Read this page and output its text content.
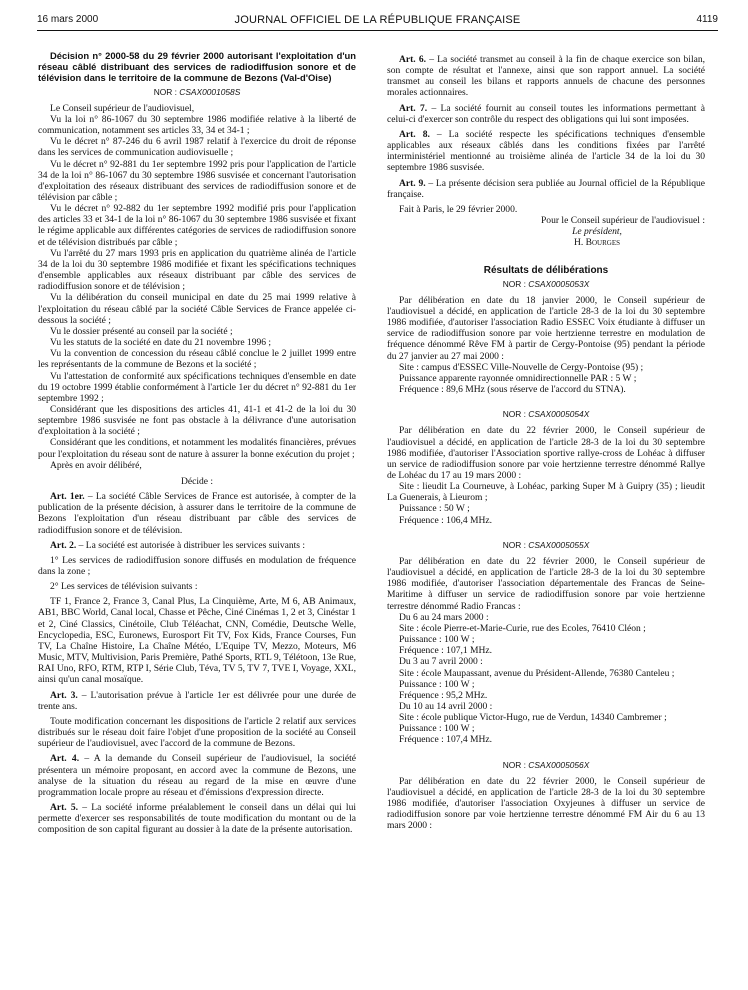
16 mars 2000	JOURNAL OFFICIEL DE LA RÉPUBLIQUE FRANÇAISE	4119

Décision n° 2000-58 du 29 février 2000 autorisant l'exploitation d'un réseau câblé distribuant des services de radiodiffusion sonore et de télévision dans le territoire de la commune de Bezons (Val-d'Oise)

NOR : CSAX0001058S

Le Conseil supérieur de l'audiovisuel,

Vu la loi n° 86-1067 du 30 septembre 1986 modifiée relative à la liberté de communication, notamment ses articles 33, 34 et 34-1 ;

Vu le décret n° 87-246 du 6 avril 1987 relatif à l'exercice du droit de réponse dans les services de communication audiovisuelle ;

Vu le décret n° 92-881 du 1er septembre 1992 pris pour l'application de l'article 34 de la loi n° 86-1067 du 30 septembre 1986 susvisée et concernant l'autorisation d'exploitation des réseaux distribuant des services de radiodiffusion sonore et de télévision par câble ;

Vu le décret n° 92-882 du 1er septembre 1992 modifié pris pour l'application des articles 33 et 34-1 de la loi n° 86-1067 du 30 septembre 1986 susvisée et fixant le régime applicable aux différentes catégories de services de radiodiffusion sonore et de télévision distribués par câble ;

Vu l'arrêté du 27 mars 1993 pris en application du quatrième alinéa de l'article 34 de la loi du 30 septembre 1986 modifiée et fixant les spécifications techniques d'ensemble applicables aux réseaux distribuant par câble des services de radiodiffusion sonore et de télévision ;

Vu la délibération du conseil municipal en date du 25 mai 1999 relative à l'exploitation du réseau câblé par la société Câble Services de France appelée ci-dessous la société ;

Vu le dossier présenté au conseil par la société ;

Vu les statuts de la société en date du 21 novembre 1996 ;

Vu la convention de concession du réseau câblé conclue le 2 juillet 1999 entre les représentants de la commune de Bezons et la société ;

Vu l'attestation de conformité aux spécifications techniques d'ensemble en date du 19 octobre 1999 établie conformément à l'article 1er du décret n° 92-881 du 1er septembre 1992 ;

Considérant que les dispositions des articles 41, 41-1 et 41-2 de la loi du 30 septembre 1986 susvisée ne font pas obstacle à la délivrance d'une autorisation d'exploitation à la société ;

Considérant que les conditions, et notamment les modalités financières, prévues pour l'exploitation du réseau sont de nature à assurer la bonne exécution du projet ;

Après en avoir délibéré,

Décide :

Art. 1er. – La société Câble Services de France est autorisée, à compter de la publication de la présente décision, à assurer dans le territoire de la commune de Bezons l'exploitation d'un réseau distribuant par câble des services de radiodiffusion sonore et de télévision.

Art. 2. – La société est autorisée à distribuer les services suivants :

1° Les services de radiodiffusion sonore diffusés en modulation de fréquence dans la zone ;

2° Les services de télévision suivants :

TF 1, France 2, France 3, Canal Plus, La Cinquième, Arte, M 6, AB Animaux, AB1, BBC World, Canal local, Chasse et Pêche, Ciné Cinémas 1, 2 et 3, Cinéstar 1 et 2, Ciné Classics, Cinétoile, Club Téléachat, CNN, Comédie, Deutsche Welle, Encyclopedia, ESC, Euronews, Eurosport Fit TV, Fox Kids, France Courses, Fun TV, La Chaîne Histoire, La Chaîne Météo, L'Equipe TV, Mezzo, Moteurs, M6 Music, MTV, Multivision, Paris Première, Pathé Sports, RTL 9, Télétoon, 13e Rue, RAI Uno, RFO, RTM, RTP I, Série Club, Téva, TV 5, TV 7, TVE I, Voyage, XXL, ainsi qu'un canal mosaïque.

Art. 3. – L'autorisation prévue à l'article 1er est délivrée pour une durée de trente ans.

Toute modification concernant les dispositions de l'article 2 relatif aux services distribués sur le réseau doit faire l'objet d'une proposition de la société au Conseil supérieur de l'audiovisuel, avec l'accord de la commune de Bezons.

Art. 4. – A la demande du Conseil supérieur de l'audiovisuel, la société présentera un mémoire proposant, en accord avec la commune de Bezons, une analyse de la situation du réseau au regard de la mise en œuvre d'une programmation locale propre au réseau et d'émissions d'expression directe.

Art. 5. – La société informe préalablement le conseil dans un délai qui lui permette d'exercer ses responsabilités de toute modification du montant ou de la composition de son capital figurant au dossier à la date de la présente autorisation.

Art. 6. – La société transmet au conseil à la fin de chaque exercice son bilan, son compte de résultat et l'annexe, ainsi que son rapport annuel. La société transmet au conseil les bilans et rapports annuels de chacune des personnes morales actionnaires.

Art. 7. – La société fournit au conseil toutes les informations permettant à celui-ci d'exercer son contrôle du respect des obligations qui lui sont imposées.

Art. 8. – La société respecte les spécifications techniques d'ensemble applicables aux réseaux câblés dans les conditions fixées par l'arrêté interministériel mentionné au troisième alinéa de l'article 34 de la loi du 30 septembre 1986 susvisée.

Art. 9. – La présente décision sera publiée au Journal officiel de la République française.

Fait à Paris, le 29 février 2000.

Pour le Conseil supérieur de l'audiovisuel :

Le président,

H. Bourges

Résultats de délibérations

NOR : CSAX0005053X

Par délibération en date du 18 janvier 2000, le Conseil supérieur de l'audiovisuel a décidé, en application de l'article 28-3 de la loi du 30 septembre 1986 modifiée, d'autoriser l'association Radio ESSEC Voix étudiante à diffuser un service de radiodiffusion sonore par voie hertzienne terrestre en modulation de fréquence dénommé Rêve FM à partir de Cergy-Pontoise (95) pendant la période du 27 janvier au 27 mai 2000 :

Site : campus d'ESSEC Ville-Nouvelle de Cergy-Pontoise (95) ;

Puissance apparente rayonnée omnidirectionnelle PAR : 5 W ;

Fréquence : 89,6 MHz (sous réserve de l'accord du STNA).

NOR : CSAX0005054X

Par délibération en date du 22 février 2000, le Conseil supérieur de l'audiovisuel a décidé, en application de l'article 28-3 de la loi du 30 septembre 1986 modifiée, d'autoriser l'Association sportive rallye-cross de Lohéac à diffuser un service de radiodiffusion sonore par voie hertzienne terrestre dénommé Rallye de Lohéac du 17 au 19 mars 2000 :

Site : lieudit La Courneuve, à Lohéac, parking Super M à Guipry (35) ; lieudit La Guenerais, à Lieurom ;

Puissance : 50 W ;

Fréquence : 106,4 MHz.

NOR : CSAX0005055X

Par délibération en date du 22 février 2000, le Conseil supérieur de l'audiovisuel a décidé, en application de l'article 28-3 de la loi du 30 septembre 1986 modifiée, d'autoriser l'association départementale des Francas de Seine-Maritime à diffuser un service de radiodiffusion sonore par voie hertzienne terrestre dénommé Radio Francas :

Du 6 au 24 mars 2000 :

Site : école Pierre-et-Marie-Curie, rue des Ecoles, 76410 Cléon ;

Puissance : 100 W ;

Fréquence : 107,1 MHz.

Du 3 au 7 avril 2000 :

Site : école Maupassant, avenue du Président-Allende, 76380 Canteleu ;

Puissance : 100 W ;

Fréquence : 95,2 MHz.

Du 10 au 14 avril 2000 :

Site : école publique Victor-Hugo, rue de Verdun, 14340 Cambremer ;

Puissance : 100 W ;

Fréquence : 107,4 MHz.

NOR : CSAX0005056X

Par délibération en date du 22 février 2000, le Conseil supérieur de l'audiovisuel a décidé, en application de l'article 28-3 de la loi du 30 septembre 1986 modifiée, d'autoriser l'association Oxyjeunes à diffuser un service de radiodiffusion sonore par voie hertzienne terrestre dénommé FM Air du 6 au 13 mars 2000 :
